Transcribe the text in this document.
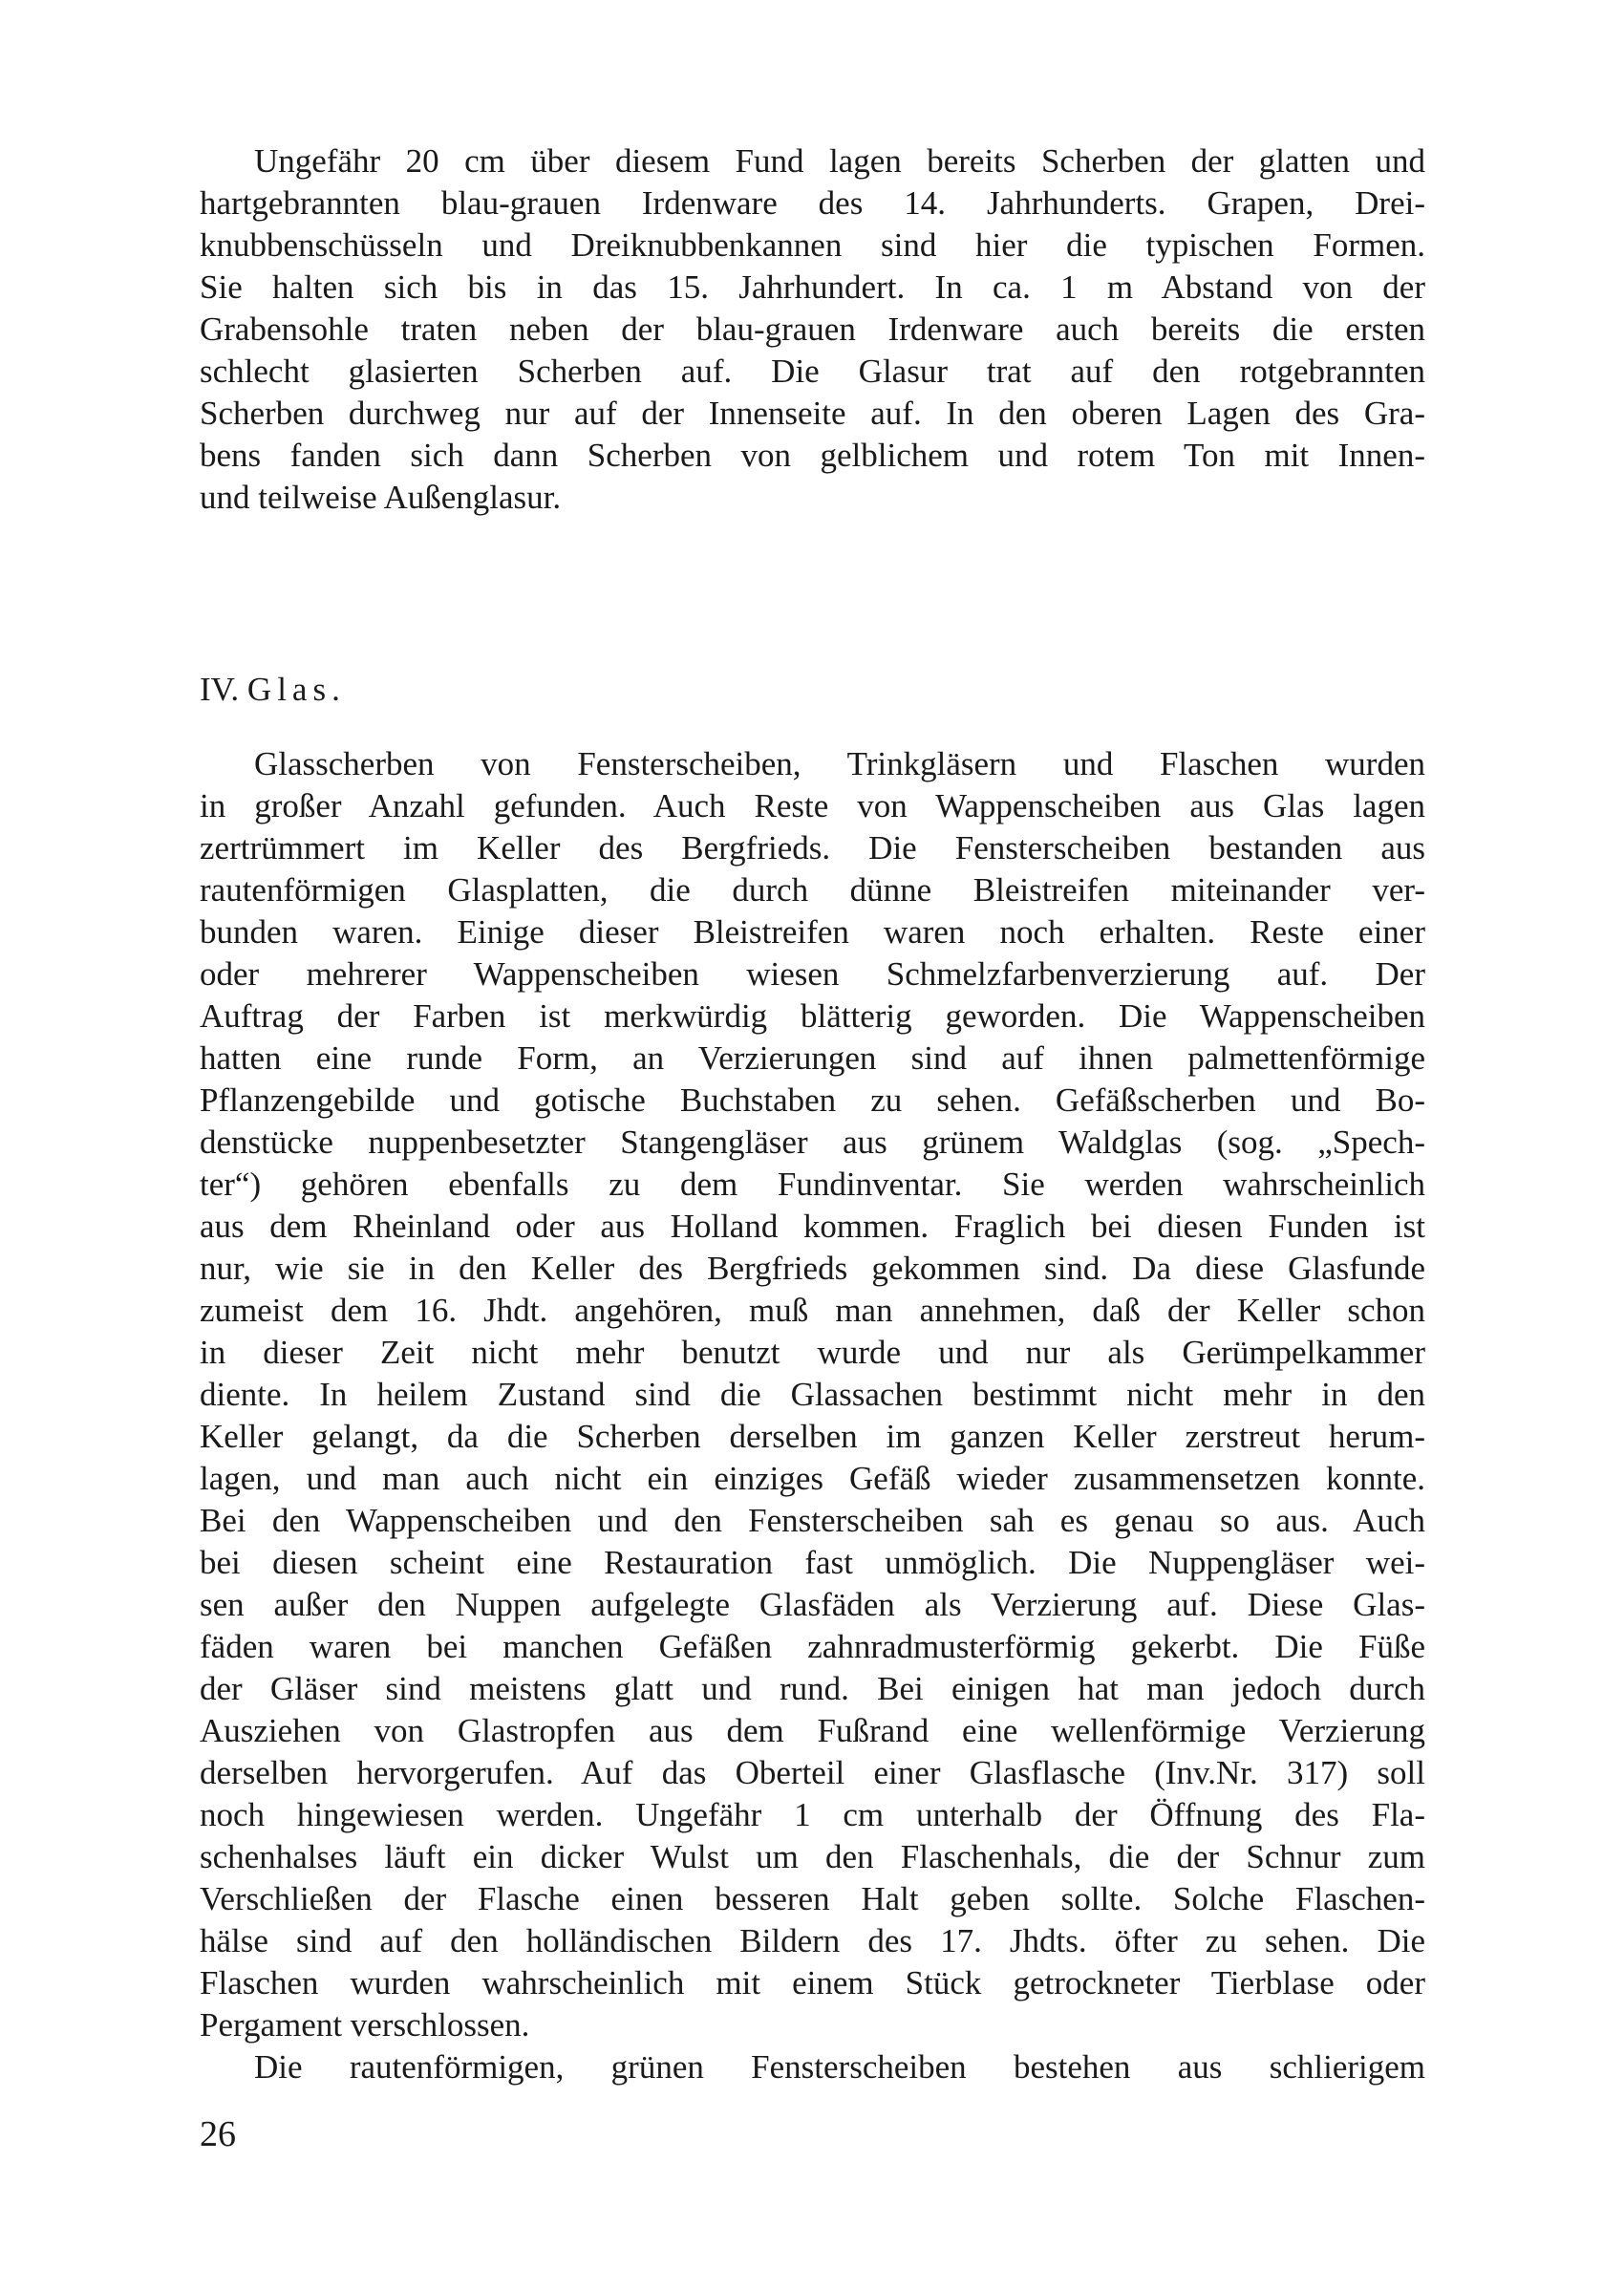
Ungefähr 20 cm über diesem Fund lagen bereits Scherben der glatten und
hartgebrannten blau-grauen Irdenware des 14. Jahrhunderts. Grapen, Drei-
knubbenschüsseln und Dreiknubbenkannen sind hier die typischen Formen.
Sie halten sich bis in das 15. Jahrhundert. In ca. 1 m Abstand von der
Grabensohle traten neben der blau-grauen Irdenware auch bereits die ersten
schlecht glasierten Scherben auf. Die Glasur trat auf den rotgebrannten
Scherben durchweg nur auf der Innenseite auf. In den oberen Lagen des Gra-
bens fanden sich dann Scherben von gelblichem und rotem Ton mit Innen-
und teilweise Außenglasur.
IV. Glas.
Glasscherben von Fensterscheiben, Trinkgläsern und Flaschen wurden
in großer Anzahl gefunden. Auch Reste von Wappenscheiben aus Glas lagen
zertrümmert im Keller des Bergfrieds. Die Fensterscheiben bestanden aus
rautenförmigen Glasplatten, die durch dünne Bleistreifen miteinander ver-
bunden waren. Einige dieser Bleistreifen waren noch erhalten. Reste einer
oder mehrerer Wappenscheiben wiesen Schmelzfarbenverzierung auf. Der
Auftrag der Farben ist merkwürdig blätterig geworden. Die Wappenscheiben
hatten eine runde Form, an Verzierungen sind auf ihnen palmettenförmige
Pflanzengebilde und gotische Buchstaben zu sehen. Gefäßscherben und Bo-
denstücke nuppenbesetzter Stangengläser aus grünem Waldglas (sog. „Spech-
ter“) gehören ebenfalls zu dem Fundinventar. Sie werden wahrscheinlich
aus dem Rheinland oder aus Holland kommen. Fraglich bei diesen Funden ist
nur, wie sie in den Keller des Bergfrieds gekommen sind. Da diese Glasfunde
zumeist dem 16. Jhdt. angehören, muß man annehmen, daß der Keller schon
in dieser Zeit nicht mehr benutzt wurde und nur als Gerümpelkammer
diente. In heilem Zustand sind die Glassachen bestimmt nicht mehr in den
Keller gelangt, da die Scherben derselben im ganzen Keller zerstreut herum-
lagen, und man auch nicht ein einziges Gefäß wieder zusammensetzen konnte.
Bei den Wappenscheiben und den Fensterscheiben sah es genau so aus. Auch
bei diesen scheint eine Restauration fast unmöglich. Die Nuppengläser wei-
sen außer den Nuppen aufgelegte Glasfäden als Verzierung auf. Diese Glas-
fäden waren bei manchen Gefäßen zahnradmusterförmig gekerbt. Die Füße
der Gläser sind meistens glatt und rund. Bei einigen hat man jedoch durch
Ausziehen von Glastropfen aus dem Fußrand eine wellenförmige Verzierung
derselben hervorgerufen. Auf das Oberteil einer Glasflasche (Inv.Nr. 317) soll
noch hingewiesen werden. Ungefähr 1 cm unterhalb der Öffnung des Fla-
schenhalses läuft ein dicker Wulst um den Flaschenhals, die der Schnur zum
Verschließen der Flasche einen besseren Halt geben sollte. Solche Flaschen-
hälse sind auf den holländischen Bildern des 17. Jhdts. öfter zu sehen. Die
Flaschen wurden wahrscheinlich mit einem Stück getrockneter Tierblase oder
Pergament verschlossen.
Die rautenförmigen, grünen Fensterscheiben bestehen aus schlierigem
26
